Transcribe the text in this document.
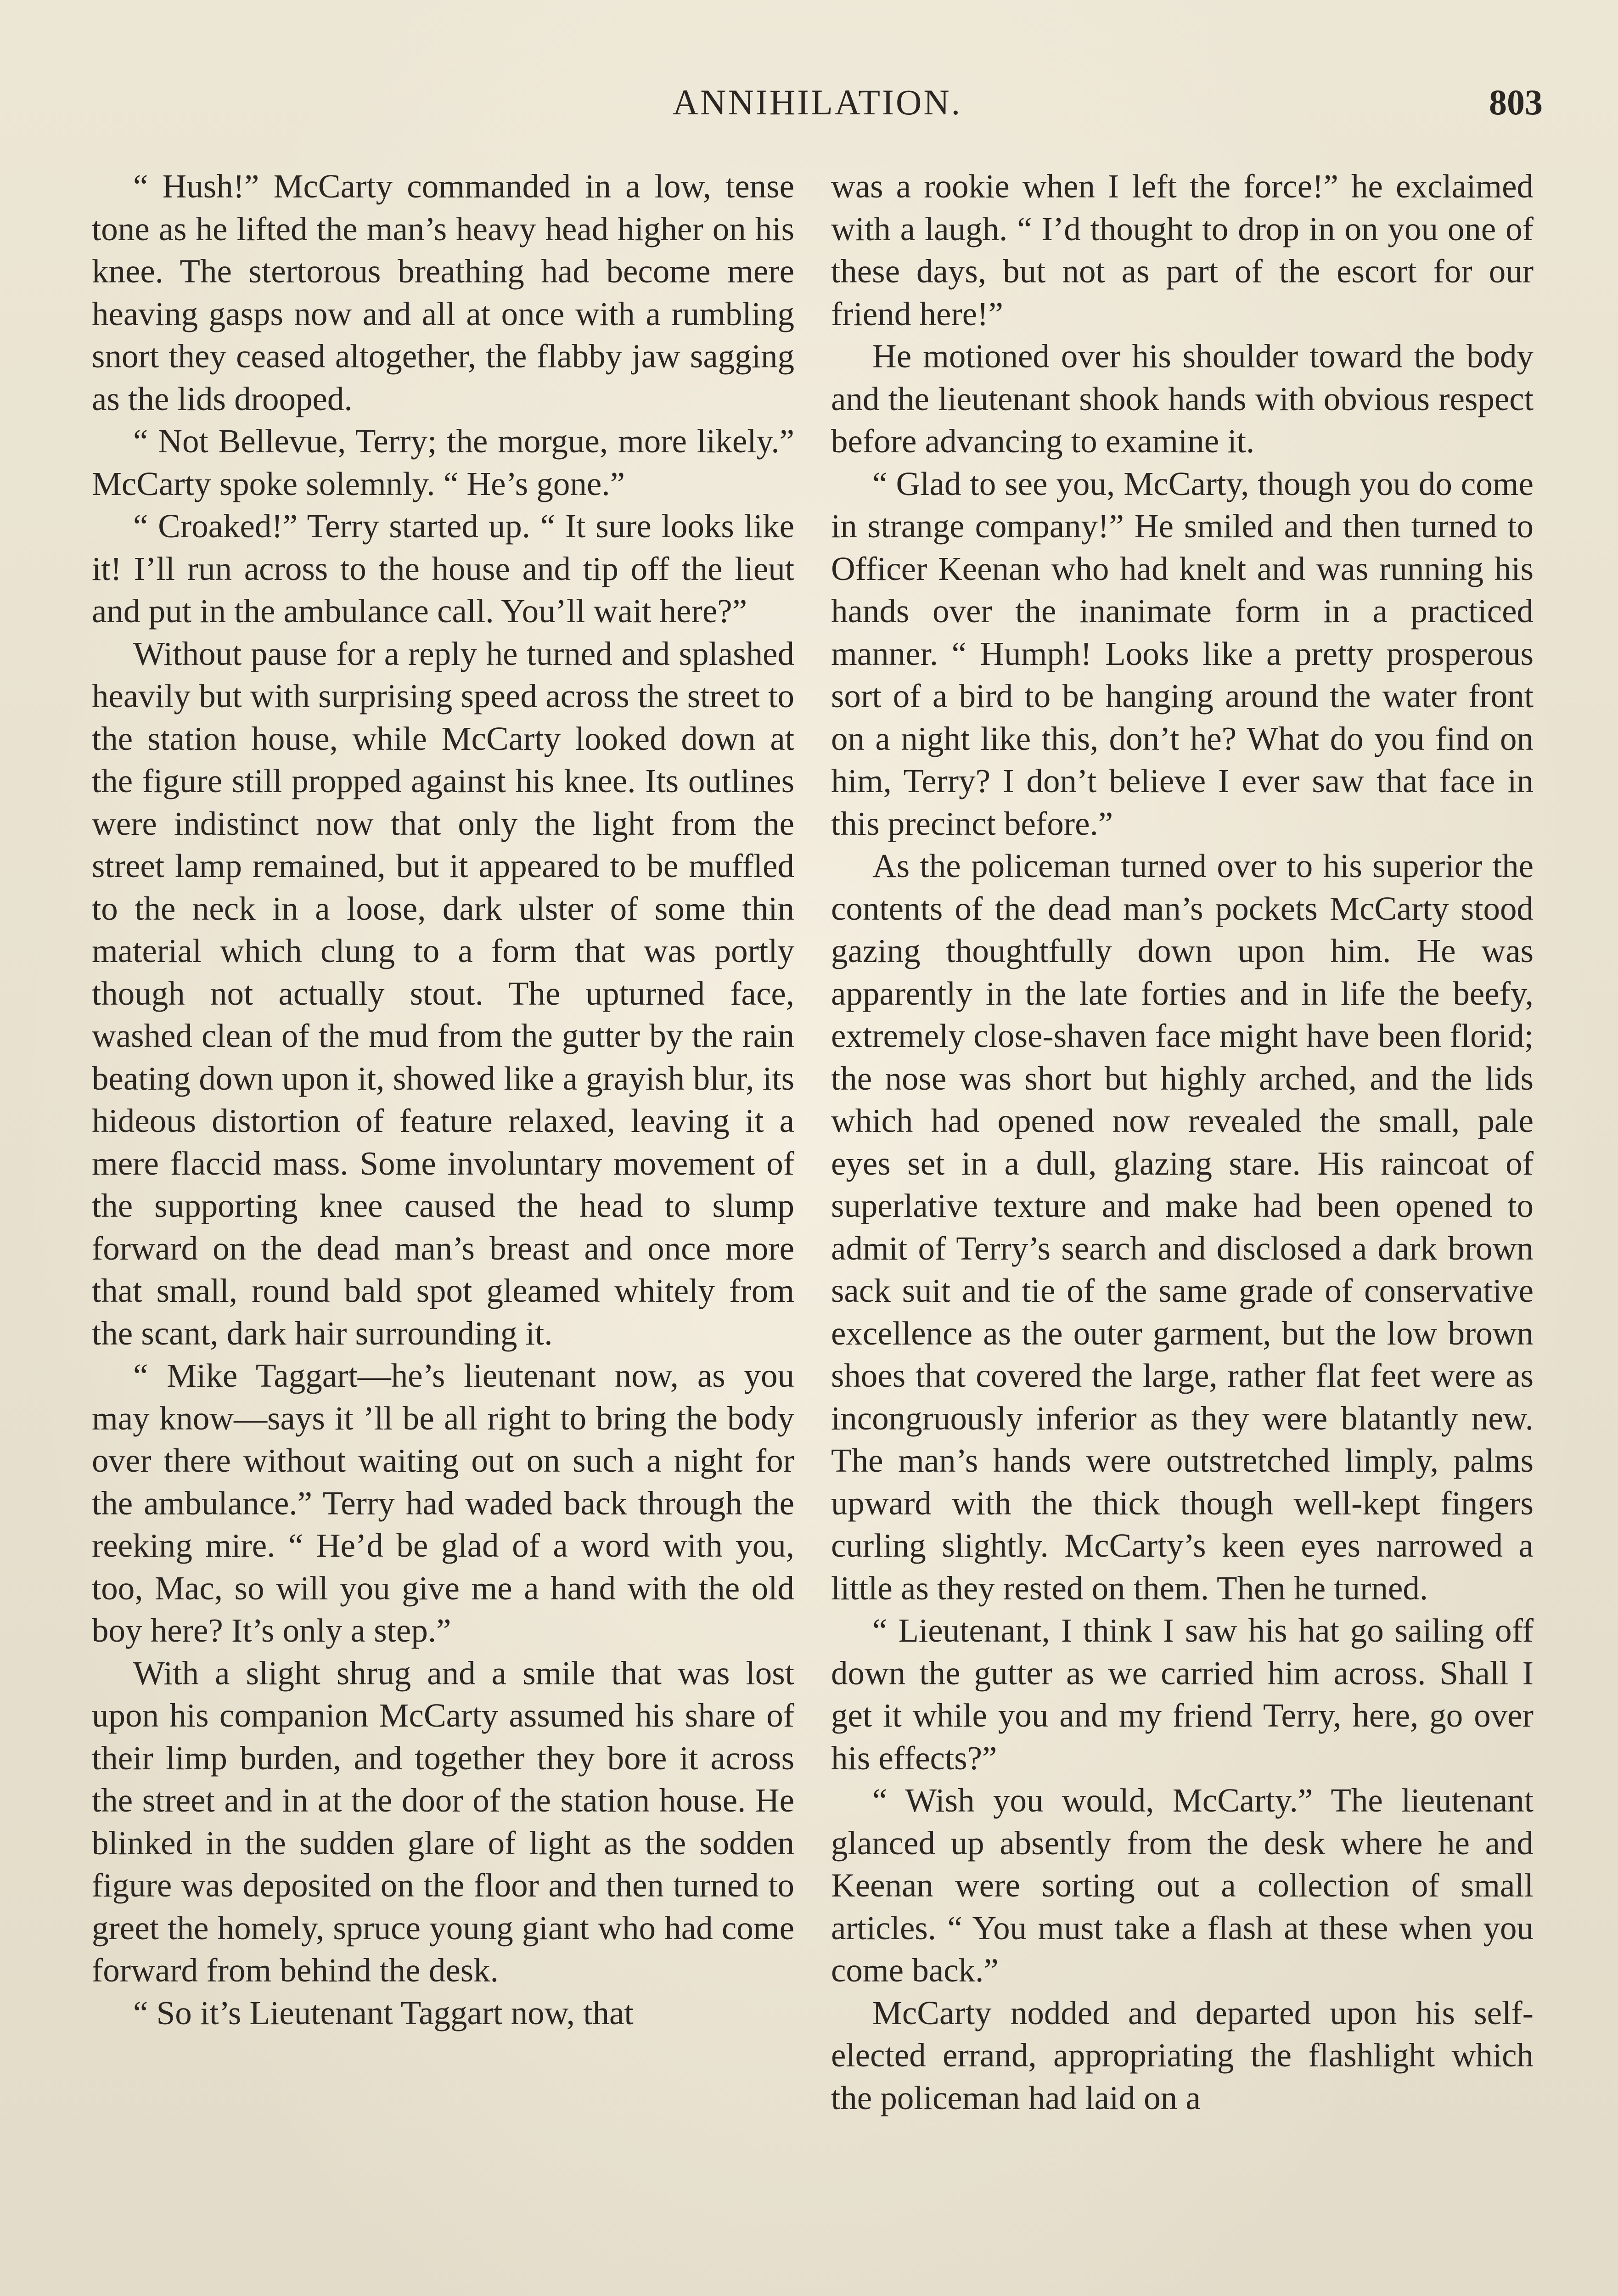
ANNIHILATION.	803

“ Hush!” McCarty commanded in a low, tense tone as he lifted the man’s heavy head higher on his knee. The stertorous breathing had become mere heaving gasps now and all at once with a rumbling snort they ceased altogether, the flabby jaw sagging as the lids drooped.

“ Not Bellevue, Terry; the morgue, more likely.” McCarty spoke solemnly. “ He’s gone.”

“ Croaked!” Terry started up. “ It sure looks like it! I’ll run across to the house and tip off the lieut and put in the ambulance call. You’ll wait here?”

Without pause for a reply he turned and splashed heavily but with surprising speed across the street to the station house, while McCarty looked down at the figure still propped against his knee. Its outlines were indistinct now that only the light from the street lamp remained, but it appeared to be muffled to the neck in a loose, dark ulster of some thin material which clung to a form that was portly though not actually stout. The upturned face, washed clean of the mud from the gutter by the rain beating down upon it, showed like a grayish blur, its hideous distortion of feature relaxed, leaving it a mere flaccid mass. Some involuntary movement of the supporting knee caused the head to slump forward on the dead man’s breast and once more that small, round bald spot gleamed whitely from the scant, dark hair surrounding it.

“ Mike Taggart—he’s lieutenant now, as you may know—says it ’ll be all right to bring the body over there without waiting out on such a night for the ambulance.” Terry had waded back through the reeking mire. “ He’d be glad of a word with you, too, Mac, so will you give me a hand with the old boy here? It’s only a step.”

With a slight shrug and a smile that was lost upon his companion McCarty assumed his share of their limp burden, and together they bore it across the street and in at the door of the station house. He blinked in the sudden glare of light as the sodden figure was deposited on the floor and then turned to greet the homely, spruce young giant who had come forward from behind the desk.

“ So it’s Lieutenant Taggart now, that

was a rookie when I left the force!” he exclaimed with a laugh. “ I’d thought to drop in on you one of these days, but not as part of the escort for our friend here!”

He motioned over his shoulder toward the body and the lieutenant shook hands with obvious respect before advancing to examine it.

“ Glad to see you, McCarty, though you do come in strange company!” He smiled and then turned to Officer Keenan who had knelt and was running his hands over the inanimate form in a practiced manner. “ Humph! Looks like a pretty prosperous sort of a bird to be hanging around the water front on a night like this, don’t he? What do you find on him, Terry? I don’t believe I ever saw that face in this precinct before.”

As the policeman turned over to his superior the contents of the dead man’s pockets McCarty stood gazing thoughtfully down upon him. He was apparently in the late forties and in life the beefy, extremely close-shaven face might have been florid; the nose was short but highly arched, and the lids which had opened now revealed the small, pale eyes set in a dull, glazing stare. His raincoat of superlative texture and make had been opened to admit of Terry’s search and disclosed a dark brown sack suit and tie of the same grade of conservative excellence as the outer garment, but the low brown shoes that covered the large, rather flat feet were as incongruously inferior as they were blatantly new. The man’s hands were outstretched limply, palms upward with the thick though well-kept fingers curling slightly. McCarty’s keen eyes narrowed a little as they rested on them. Then he turned.

“ Lieutenant, I think I saw his hat go sailing off down the gutter as we carried him across. Shall I get it while you and my friend Terry, here, go over his effects?”

“ Wish you would, McCarty.” The lieutenant glanced up absently from the desk where he and Keenan were sorting out a collection of small articles. “ You must take a flash at these when you come back.”

McCarty nodded and departed upon his self-elected errand, appropriating the flashlight which the policeman had laid on a
